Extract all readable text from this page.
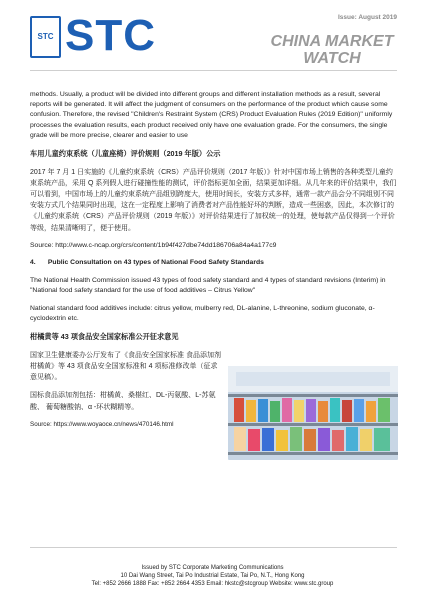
Issue: August 2019
STC STC	CHINA MARKET
WATCH

methods. Usually, a product will be divided into different groups and different installation methods as a result, several reports will be generated. It will affect the judgment of consumers on the performance of the product which cause some confusion. Therefore, the revised "Children's Restraint System (CRS) Product Evaluation Rules (2019 Edition)" uniformly processes the evaluation results, each product received only have one evaluation grade. For the consumers, the single grade will be more precise, clearer and easier to use

车用儿童约束系统（儿童座椅）评价规则（2019 年版）公示

2017 年 7 月 1 日实施的《儿童约束系统（CRS）产品评价规则（2017 年版）》针对中国市场上销售的各种类型儿童约束系统产品，采用 Q 系列假人进行碰撞性能的测试，评价指标更加全面，结果更加详细。从几年来的评价结果中，我们可以看到，中国市场上的儿童约束系统产品组别跨度大，使用时间长，安装方式多样，通常一款产品会分不同组别不同安装方式几个结果同时出现，这在一定程度上影响了消费者对产品性能好坏的判断，造成一些困惑，因此，本次修订的《儿童约束系统（CRS）产品评价规则（2019 年版）》对评价结果进行了加权统一的处理，使每款产品仅得到一个评价等级，结果清晰明了，便于使用。

Source: http://www.c-ncap.org/crs/content/1b94f427dbe74dd186706a84a4a177c9

4. Public Consultation on 43 types of National Food Safety Standards

The National Health Commission issued 43 types of food safety standard and 4 types of standard revisions (Interim) in "National food safety standard for the use of food additives – Citrus Yellow"

National standard food additives include: citrus yellow, mulberry red, DL-alanine, L-threonine, sodium gluconate, α-cyclodextrin etc.

柑橘黄等 43 项食品安全国家标准公开征求意见

国家卫生健康委办公厅发布了《食品安全国家标准 食品添加剂 柑橘黄》等 43 项食品安全国家标准和 4 项标准修改单（征求意见稿）。

国标食品添加剂包括：柑橘黄、桑椹红、DL-丙氨酸、L-苏氨酸、 葡萄糖酸钠、α -环状糊精等。

Source: https://www.woyaoce.cn/news/470146.html

Issued by STC Corporate Marketing Communications
10 Dai Wang Street, Tai Po Industrial Estate, Tai Po, N.T., Hong Kong
Tel: +852 2666 1888 Fax: +852 2664 4353 Email: hkstc@stcgroup Website: www.stc.group
